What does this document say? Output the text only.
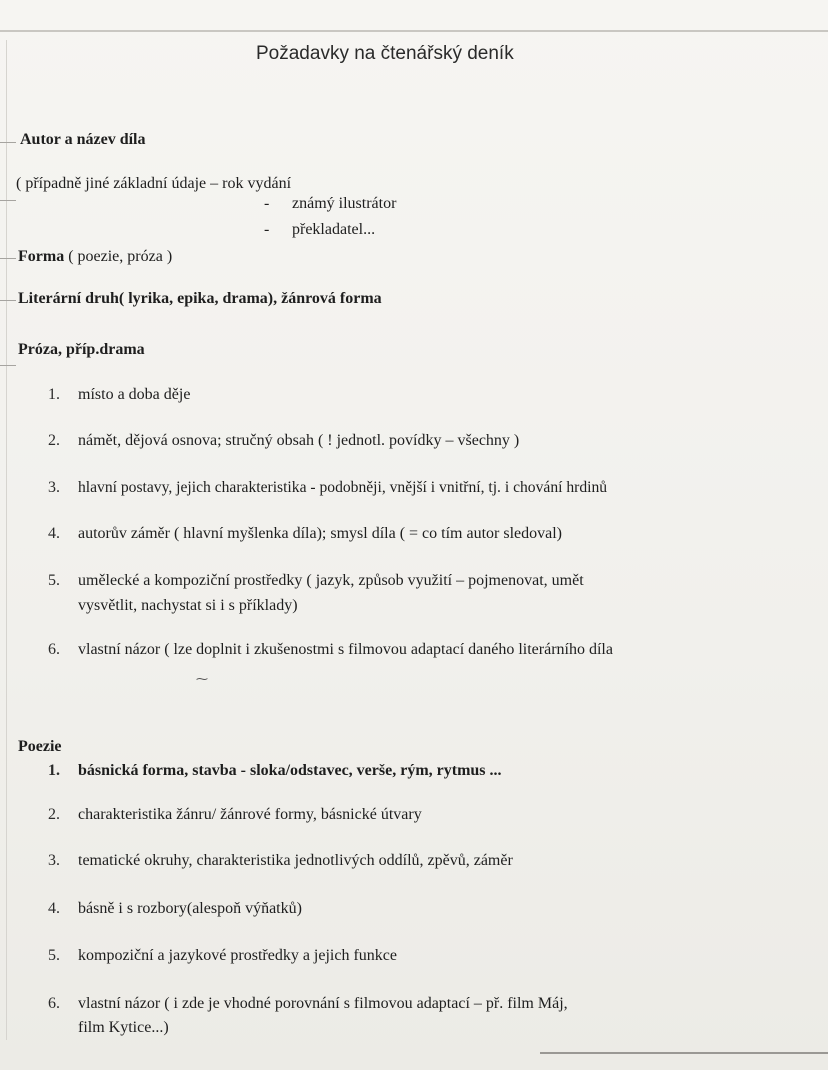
Požadavky na čtenářský deník
Autor a název díla
( případně jiné základní údaje – rok vydání
- známý ilustrátor
- překladatel...
Forma ( poezie, próza )
Literární druh( lyrika, epika, drama), žánrová forma
Próza, příp.drama
1. místo a doba děje
2. námět, dějová osnova; stručný obsah ( ! jednotl. povídky – všechny )
3. hlavní postavy, jejich charakteristika - podobněji, vnější i vnitřní, tj. i chování hrdinů
4. autorův záměr ( hlavní myšlenka díla); smysl díla ( = co tím autor sledoval)
5. umělecké a kompoziční prostředky ( jazyk, způsob využití – pojmenovat, umět
vysvětlit, nachystat si i s příklady)
6. vlastní názor ( lze doplnit i zkušenostmi s filmovou adaptací daného literárního díla
⁓
Poezie
1. básnická forma, stavba - sloka/odstavec, verše, rým, rytmus ...
2. charakteristika žánru/ žánrové formy, básnické útvary
3. tematické okruhy, charakteristika jednotlivých oddílů, zpěvů, záměr
4. básně i s rozbory(alespoň výňatků)
5. kompoziční a jazykové prostředky a jejich funkce
6. vlastní názor ( i zde je vhodné porovnání s filmovou adaptací – př. film Máj,
film Kytice...)
